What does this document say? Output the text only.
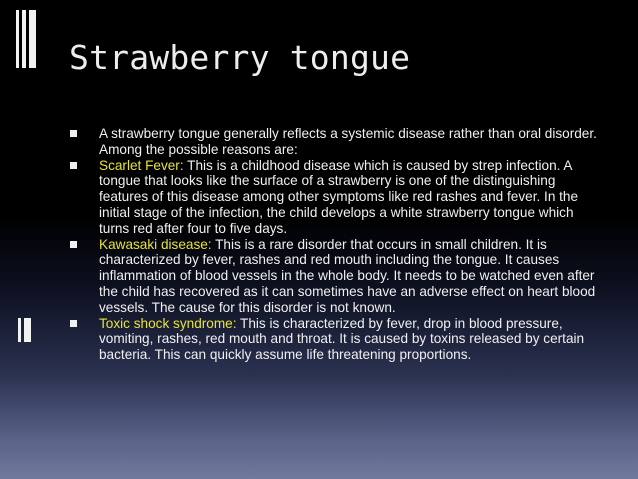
Strawberry tongue

A strawberry tongue generally reflects a systemic disease rather than oral disorder. Among the possible reasons are:

Scarlet Fever: This is a childhood disease which is caused by strep infection. A tongue that looks like the surface of a strawberry is one of the distinguishing features of this disease among other symptoms like red rashes and fever. In the initial stage of the infection, the child develops a white strawberry tongue which turns red after four to five days.

Kawasaki disease: This is a rare disorder that occurs in small children. It is characterized by fever, rashes and red mouth including the tongue. It causes inflammation of blood vessels in the whole body. It needs to be watched even after the child has recovered as it can sometimes have an adverse effect on heart blood vessels. The cause for this disorder is not known.

Toxic shock syndrome: This is characterized by fever, drop in blood pressure, vomiting, rashes, red mouth and throat. It is caused by toxins released by certain bacteria. This can quickly assume life threatening proportions.
